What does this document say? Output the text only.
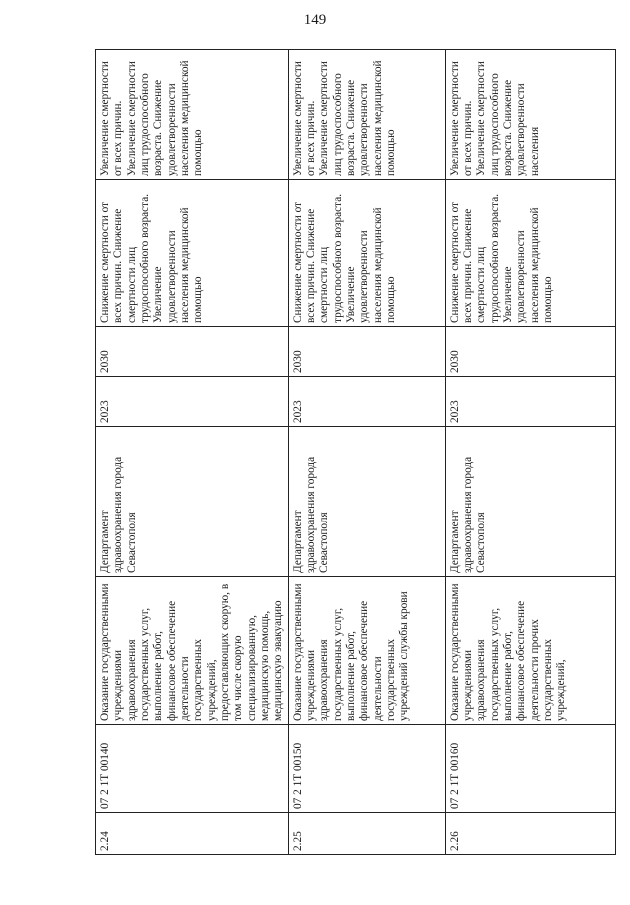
149
2.24	07 2 1Т 00140	Оказание государственными учреждениями здравоохранения государственных услуг, выполнение работ, финансовое обеспечение деятельности государственных учреждений, предоставляющих скорую, в том числе скорую специализированную, медицинскую помощь, медицинскую эвакуацию	Департамент здравоохранения города Севастополя	2023	2030	Снижение смертности от всех причин. Снижение смертности лиц трудоспособного возраста. Увеличение удовлетворенности населения медицинской помощью	Увеличение смертности от всех причин. Увеличение смертности лиц трудоспособного возраста. Снижение удовлетворенности населения медицинской помощью
2.25	07 2 1Т 00150	Оказание государственными учреждениями здравоохранения государственных услуг, выполнение работ, финансовое обеспечение деятельности государственных учреждений службы крови	Департамент здравоохранения города Севастополя	2023	2030	Снижение смертности от всех причин. Снижение смертности лиц трудоспособного возраста. Увеличение удовлетворенности населения медицинской помощью	Увеличение смертности от всех причин. Увеличение смертности лиц трудоспособного возраста. Снижение удовлетворенности населения медицинской помощью
2.26	07 2 1Т 00160	Оказание государственными учреждениями здравоохранения государственных услуг, выполнение работ, финансовое обеспечение деятельности прочих государственных учреждений,	Департамент здравоохранения города Севастополя	2023	2030	Снижение смертности от всех причин. Снижение смертности лиц трудоспособного возраста. Увеличение удовлетворенности населения медицинской помощью	Увеличение смертности от всех причин. Увеличение смертности лиц трудоспособного возраста. Снижение удовлетворенности населения
